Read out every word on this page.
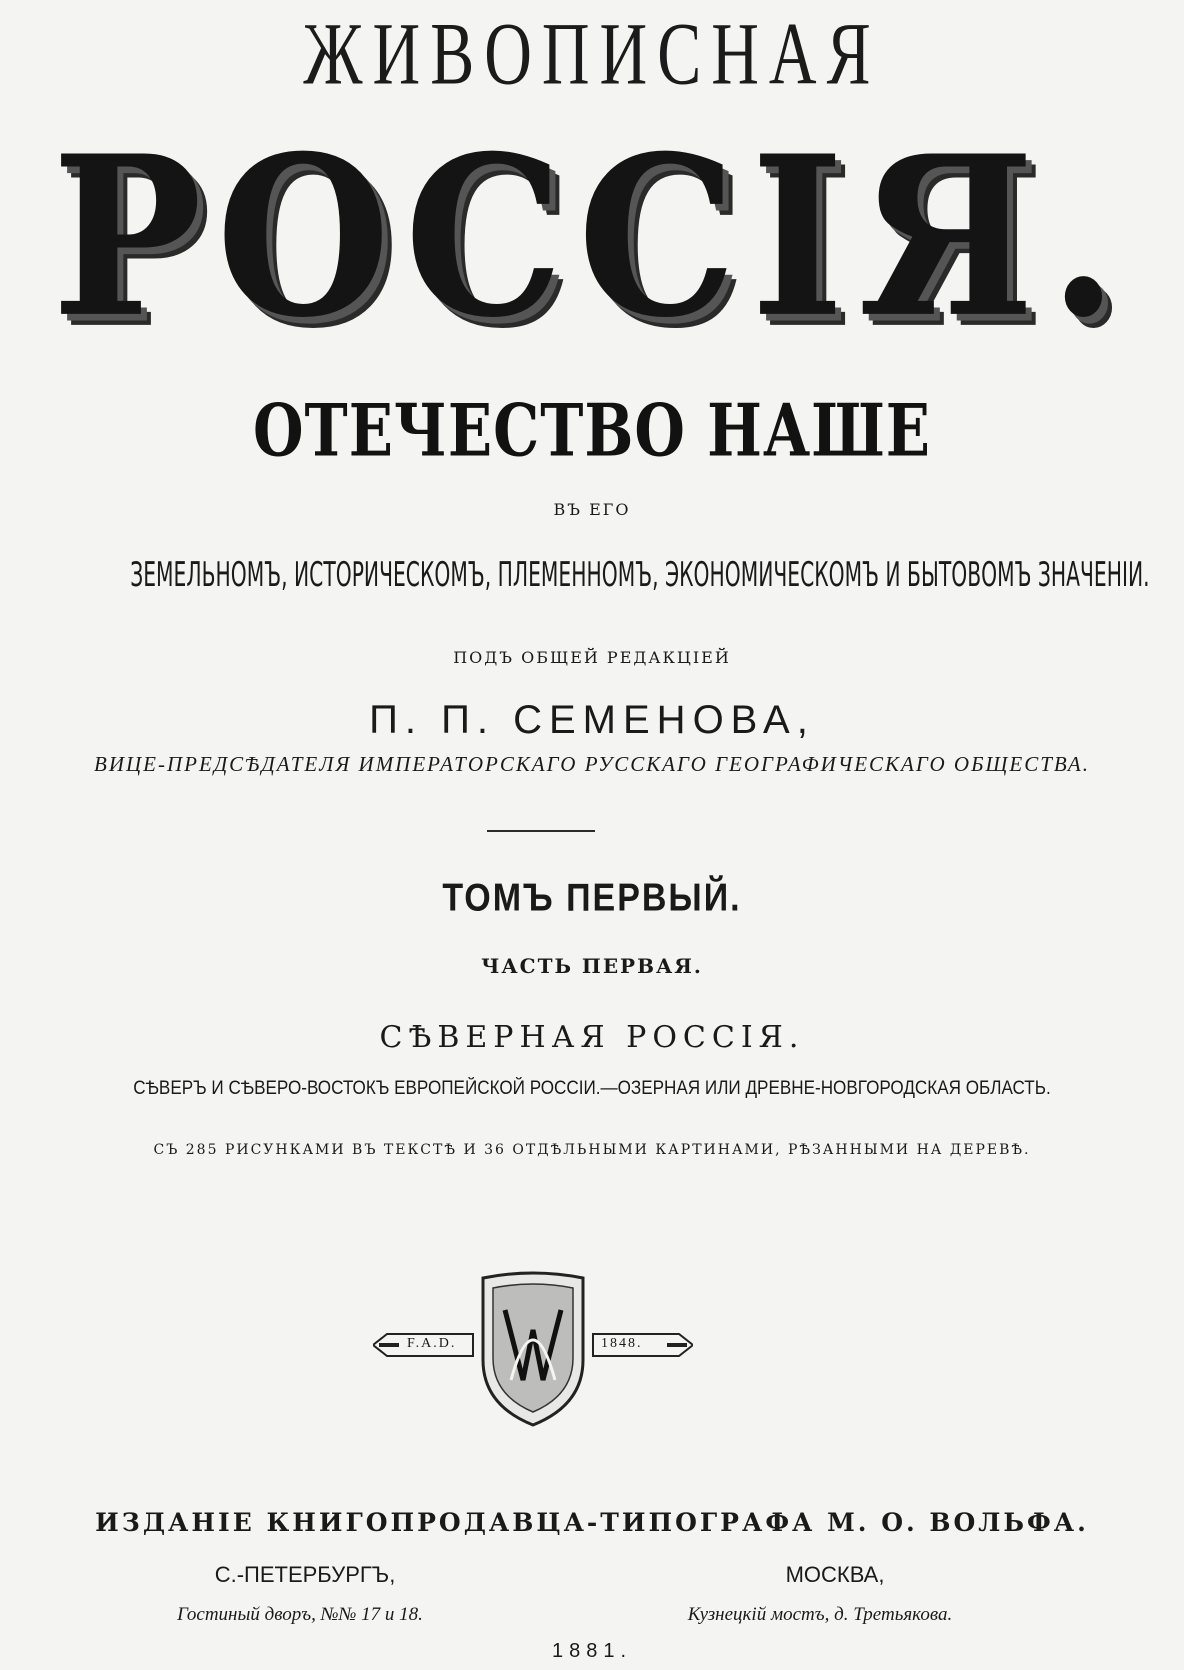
ЖИВОПИСНАЯ
РОССІЯ.
ОТЕЧЕСТВО НАШЕ
ВЪ ЕГО
ЗЕМЕЛЬНОМЪ, ИСТОРИЧЕСКОМЪ, ПЛЕМЕННОМЪ, ЭКОНОМИЧЕСКОМЪ И БЫТОВОМЪ ЗНАЧЕНІИ.
ПОДЪ ОБЩЕЙ РЕДАКЦІЕЙ
П. П. СЕМЕНОВА,
ВИЦЕ-ПРЕДСѢДАТЕЛЯ ИМПЕРАТОРСКАГО РУССКАГО ГЕОГРАФИЧЕСКАГО ОБЩЕСТВА.
ТОМЪ ПЕРВЫЙ.
ЧАСТЬ ПЕРВАЯ.
СѢВЕРНАЯ РОССІЯ.
СѢВЕРЪ И СѢВЕРО-ВОСТОКЪ ЕВРОПЕЙСКОЙ РОССІИ.—ОЗЕРНАЯ ИЛИ ДРЕВНЕ-НОВГОРОДСКАЯ ОБЛАСТЬ.
СЪ 285 РИСУНКАМИ ВЪ ТЕКСТѢ И 36 ОТДѢЛЬНЫМИ КАРТИНАМИ, РѢЗАННЫМИ НА ДЕРЕВѢ.
F.A.D.	1848.
ИЗДАНІЕ КНИГОПРОДАВЦА-ТИПОГРАФА М. О. ВОЛЬФА.
С.-ПЕТЕРБУРГЪ,	МОСКВА,
Гостиный дворъ, №№ 17 и 18.	Кузнецкій мостъ, д. Третьякова.
1881.
